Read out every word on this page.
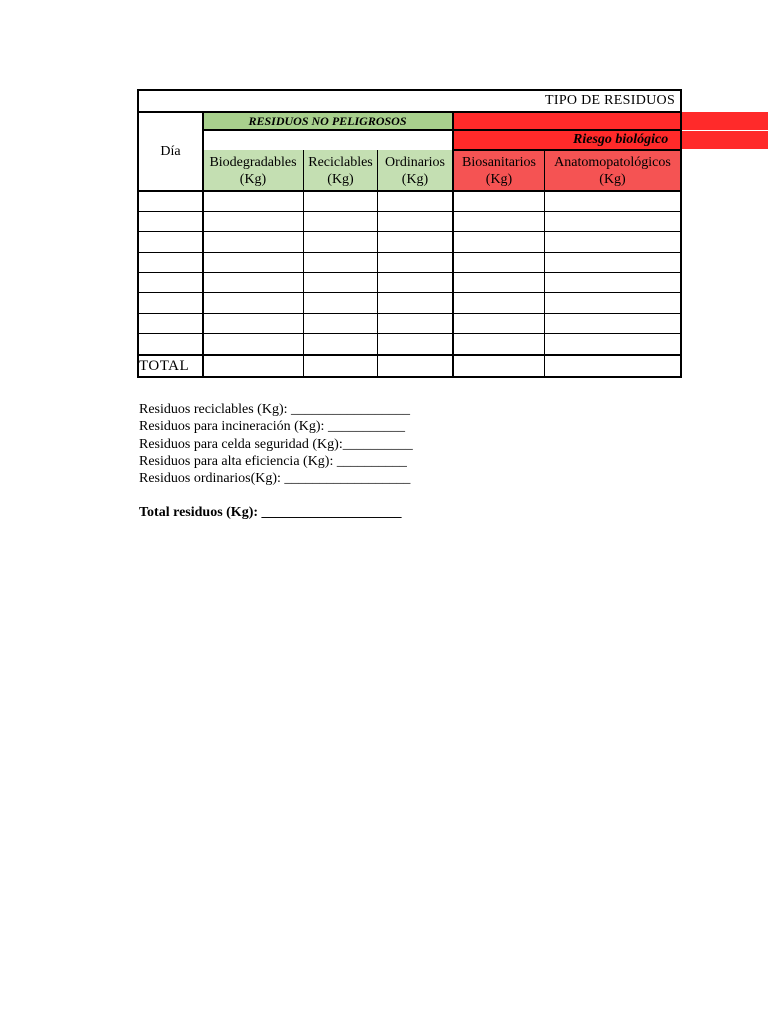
TIPO DE RESIDUOS
RESIDUOS NO PELIGROSOS
Riesgo biológico
Día
Biodegradables
(Kg)
Reciclables
(Kg)
Ordinarios
(Kg)
Biosanitarios
(Kg)
Anatomopatológicos
(Kg)
TOTAL

Residuos reciclables (Kg): _________________

Residuos para incineración (Kg): ___________

Residuos para celda seguridad (Kg):__________

Residuos para alta eficiencia (Kg): __________

Residuos ordinarios(Kg): __________________

Total residuos (Kg): ____________________
